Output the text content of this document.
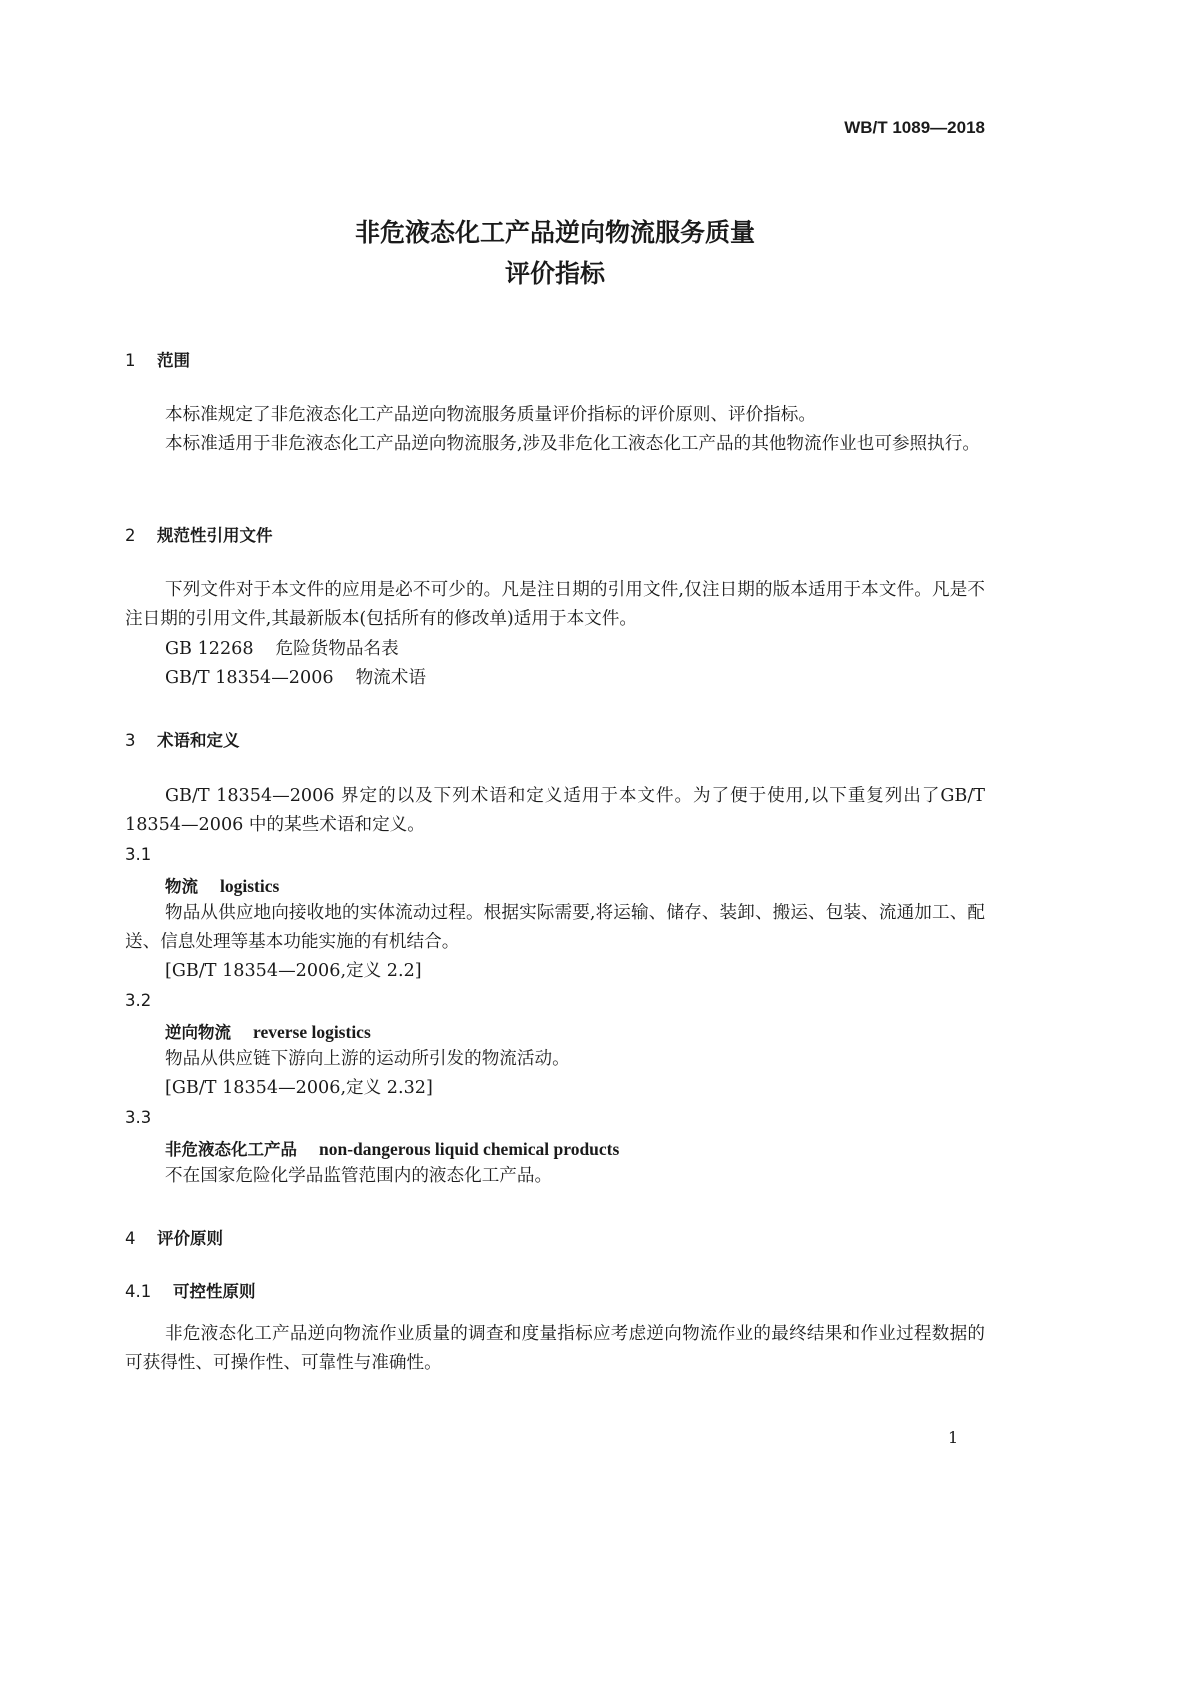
WB/T 1089—2018
非危液态化工产品逆向物流服务质量
评价指标
1 范围
本标准规定了非危液态化工产品逆向物流服务质量评价指标的评价原则、评价指标。
本标准适用于非危液态化工产品逆向物流服务,涉及非危化工液态化工产品的其他物流作业也可参照执行。
2 规范性引用文件
下列文件对于本文件的应用是必不可少的。凡是注日期的引用文件,仅注日期的版本适用于本文件。凡是不注日期的引用文件,其最新版本(包括所有的修改单)适用于本文件。
GB 12268 危险货物品名表
GB/T 18354—2006 物流术语
3 术语和定义
GB/T 18354—2006 界定的以及下列术语和定义适用于本文件。为了便于使用,以下重复列出了GB/T 18354—2006 中的某些术语和定义。
3.1
物流 logistics
物品从供应地向接收地的实体流动过程。根据实际需要,将运输、储存、装卸、搬运、包装、流通加工、配送、信息处理等基本功能实施的有机结合。
[GB/T 18354—2006,定义 2.2]
3.2
逆向物流 reverse logistics
物品从供应链下游向上游的运动所引发的物流活动。
[GB/T 18354—2006,定义 2.32]
3.3
非危液态化工产品 non-dangerous liquid chemical products
不在国家危险化学品监管范围内的液态化工产品。
4 评价原则
4.1 可控性原则
非危液态化工产品逆向物流作业质量的调查和度量指标应考虑逆向物流作业的最终结果和作业过程数据的可获得性、可操作性、可靠性与准确性。
1
